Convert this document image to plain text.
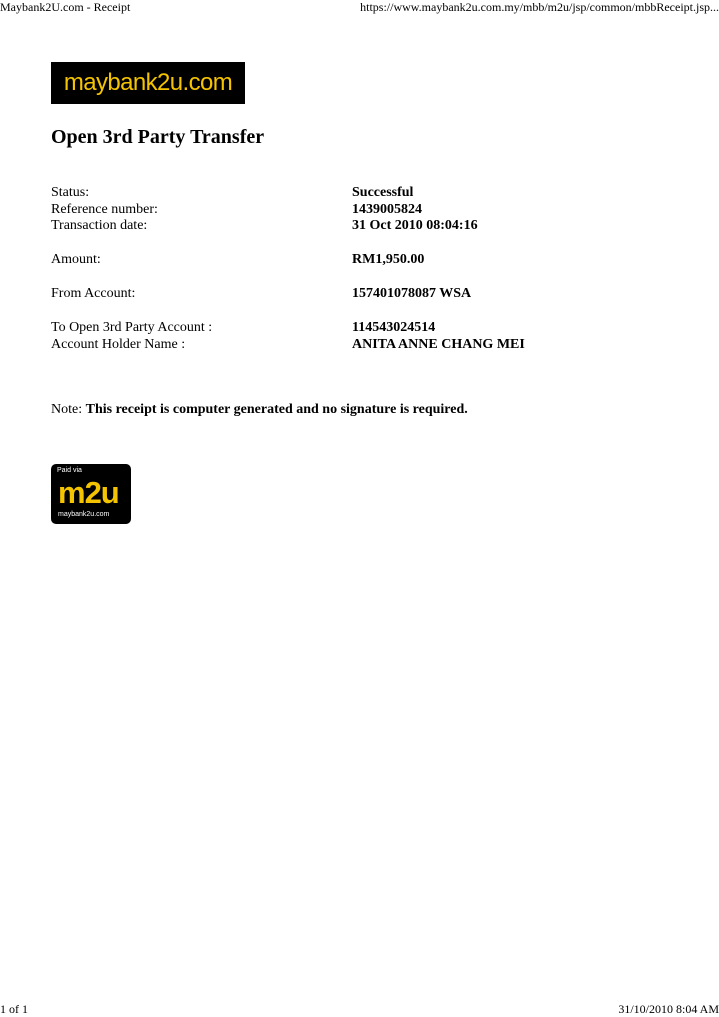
Maybank2U.com - Receipt	https://www.maybank2u.com.my/mbb/m2u/jsp/common/mbbReceipt.jsp...
maybank2u.com
Open 3rd Party Transfer
Status:	Successful
Reference number:	1439005824
Transaction date:	31 Oct 2010 08:04:16
Amount:	RM1,950.00
From Account:	157401078087 WSA
To Open 3rd Party Account :	114543024514
Account Holder Name :	ANITA ANNE CHANG MEI
Note: This receipt is computer generated and no signature is required.
Paid via
m2u
maybank2u.com
1 of 1	31/10/2010 8:04 AM
